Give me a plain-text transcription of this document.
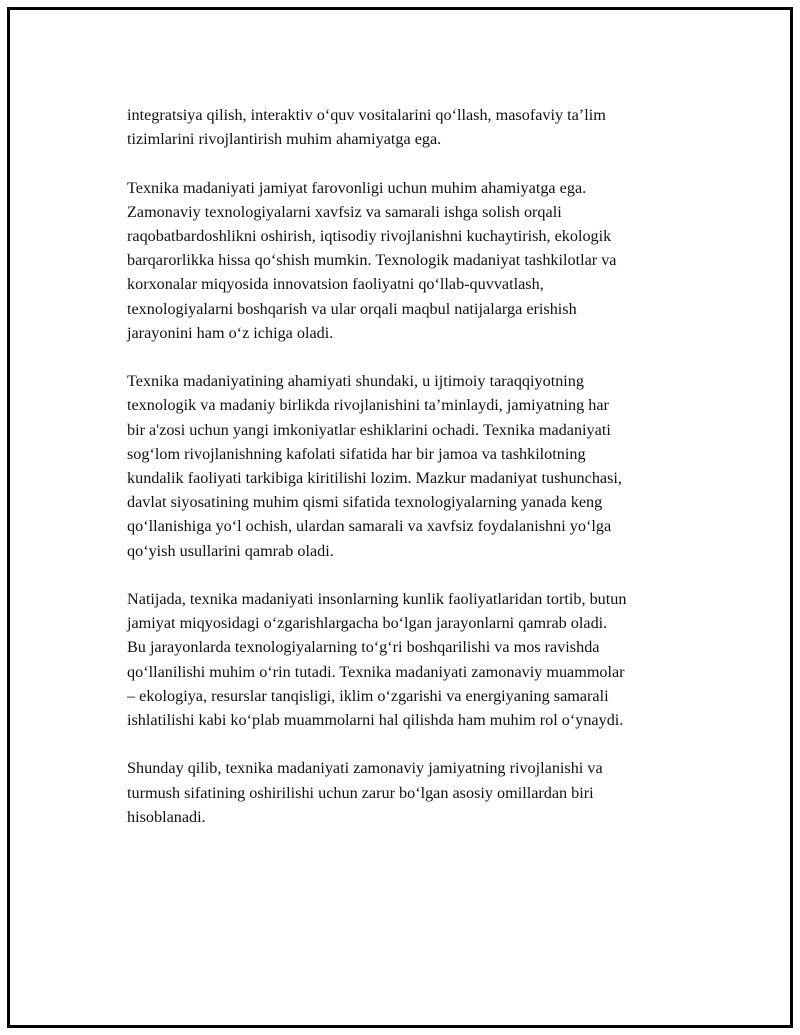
integratsiya qilish, interaktiv o‘quv vositalarini qo‘llash, masofaviy ta’lim
tizimlarini rivojlantirish muhim ahamiyatga ega.

Texnika madaniyati jamiyat farovonligi uchun muhim ahamiyatga ega.
Zamonaviy texnologiyalarni xavfsiz va samarali ishga solish orqali
raqobatbardoshlikni oshirish, iqtisodiy rivojlanishni kuchaytirish, ekologik
barqarorlikka hissa qo‘shish mumkin. Texnologik madaniyat tashkilotlar va
korxonalar miqyosida innovatsion faoliyatni qo‘llab-quvvatlash,
texnologiyalarni boshqarish va ular orqali maqbul natijalarga erishish
jarayonini ham o‘z ichiga oladi.

Texnika madaniyatining ahamiyati shundaki, u ijtimoiy taraqqiyotning
texnologik va madaniy birlikda rivojlanishini ta’minlaydi, jamiyatning har
bir a'zosi uchun yangi imkoniyatlar eshiklarini ochadi. Texnika madaniyati
sog‘lom rivojlanishning kafolati sifatida har bir jamoa va tashkilotning
kundalik faoliyati tarkibiga kiritilishi lozim. Mazkur madaniyat tushunchasi,
davlat siyosatining muhim qismi sifatida texnologiyalarning yanada keng
qo‘llanishiga yo‘l ochish, ulardan samarali va xavfsiz foydalanishni yo‘lga
qo‘yish usullarini qamrab oladi.

Natijada, texnika madaniyati insonlarning kunlik faoliyatlaridan tortib, butun
jamiyat miqyosidagi o‘zgarishlargacha bo‘lgan jarayonlarni qamrab oladi.
Bu jarayonlarda texnologiyalarning to‘g‘ri boshqarilishi va mos ravishda
qo‘llanilishi muhim o‘rin tutadi. Texnika madaniyati zamonaviy muammolar
– ekologiya, resurslar tanqisligi, iklim o‘zgarishi va energiyaning samarali
ishlatilishi kabi ko‘plab muammolarni hal qilishda ham muhim rol o‘ynaydi.

Shunday qilib, texnika madaniyati zamonaviy jamiyatning rivojlanishi va
turmush sifatining oshirilishi uchun zarur bo‘lgan asosiy omillardan biri
hisoblanadi.
